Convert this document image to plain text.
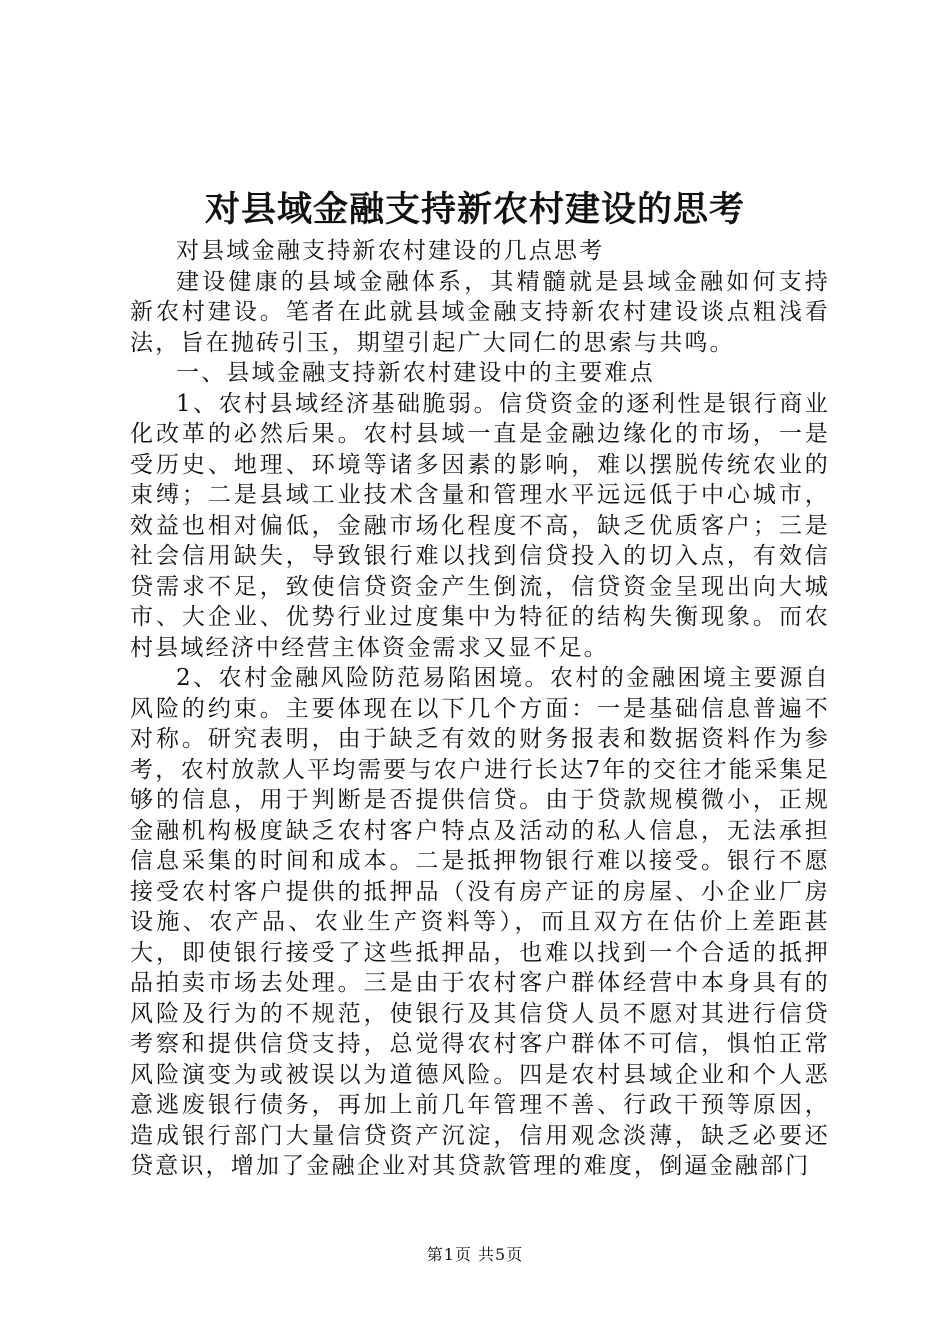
对县域金融支持新农村建设的思考

对县域金融支持新农村建设的几点思考

建设健康的县域金融体系，其精髓就是县域金融如何支持新农村建设。笔者在此就县域金融支持新农村建设谈点粗浅看法，旨在抛砖引玉，期望引起广大同仁的思索与共鸣。

一、县域金融支持新农村建设中的主要难点

1、农村县域经济基础脆弱。信贷资金的逐利性是银行商业化改革的必然后果。农村县域一直是金融边缘化的市场，一是受历史、地理、环境等诸多因素的影响，难以摆脱传统农业的束缚；二是县域工业技术含量和管理水平远远低于中心城市，效益也相对偏低，金融市场化程度不高，缺乏优质客户；三是社会信用缺失，导致银行难以找到信贷投入的切入点，有效信贷需求不足，致使信贷资金产生倒流，信贷资金呈现出向大城市、大企业、优势行业过度集中为特征的结构失衡现象。而农村县域经济中经营主体资金需求又显不足。

2、农村金融风险防范易陷困境。农村的金融困境主要源自风险的约束。主要体现在以下几个方面：一是基础信息普遍不对称。研究表明，由于缺乏有效的财务报表和数据资料作为参考，农村放款人平均需要与农户进行长达7年的交往才能采集足够的信息，用于判断是否提供信贷。由于贷款规模微小，正规金融机构极度缺乏农村客户特点及活动的私人信息，无法承担信息采集的时间和成本。二是抵押物银行难以接受。银行不愿接受农村客户提供的抵押品（没有房产证的房屋、小企业厂房设施、农产品、农业生产资料等），而且双方在估价上差距甚大，即使银行接受了这些抵押品，也难以找到一个合适的抵押品拍卖市场去处理。三是由于农村客户群体经营中本身具有的风险及行为的不规范，使银行及其信贷人员不愿对其进行信贷考察和提供信贷支持，总觉得农村客户群体不可信，惧怕正常风险演变为或被误以为道德风险。四是农村县域企业和个人恶意逃废银行债务，再加上前几年管理不善、行政干预等原因，造成银行部门大量信贷资产沉淀，信用观念淡薄，缺乏必要还贷意识，增加了金融企业对其贷款管理的难度，倒逼金融部门

第1页 共5页
